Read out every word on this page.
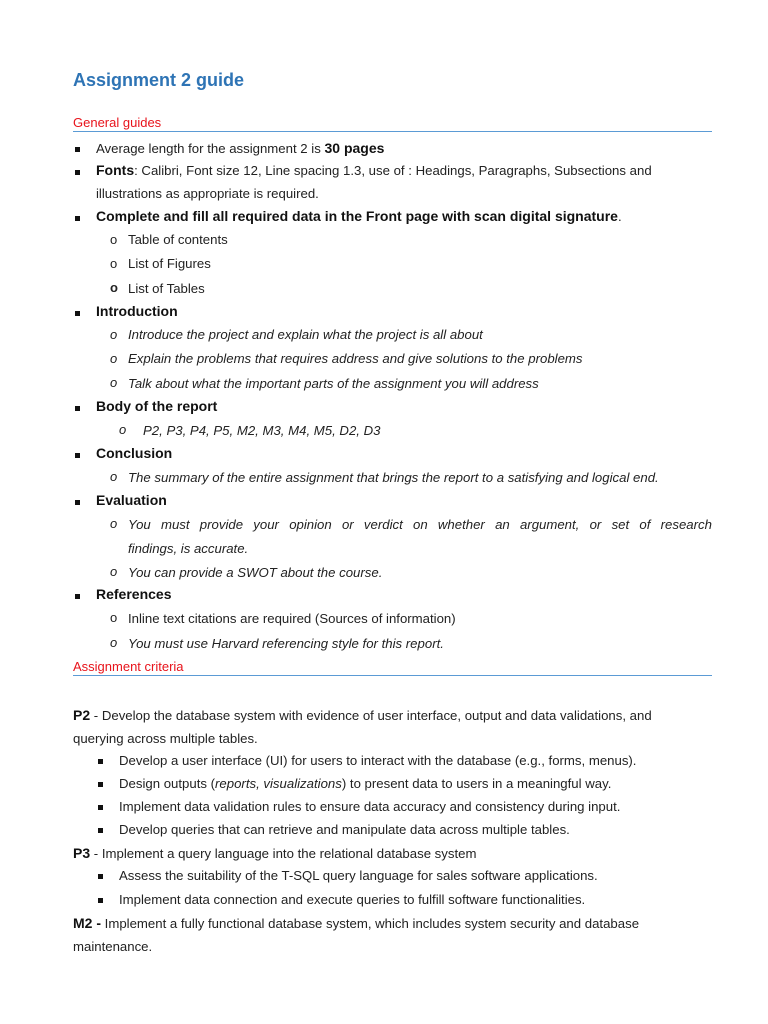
Assignment 2 guide
General guides
Average length for the assignment 2 is 30 pages
Fonts: Calibri, Font size 12, Line spacing 1.3, use of : Headings, Paragraphs, Subsections and
illustrations as appropriate is required.
Complete and fill all required data in the Front page with scan digital signature.
o Table of contents
o List of Figures
o List of Tables
Introduction
o Introduce the project and explain what the project is all about
o Explain the problems that requires address and give solutions to the problems
o Talk about what the important parts of the assignment you will address
Body of the report
o P2, P3, P4, P5, M2, M3, M4, M5, D2, D3
Conclusion
o The summary of the entire assignment that brings the report to a satisfying and logical end.
Evaluation
o You must provide your opinion or verdict on whether an argument, or set of research
findings, is accurate.
o You can provide a SWOT about the course.
References
o Inline text citations are required (Sources of information)
o You must use Harvard referencing style for this report.
Assignment criteria
P2 - Develop the database system with evidence of user interface, output and data validations, and
querying across multiple tables.
Develop a user interface (UI) for users to interact with the database (e.g., forms, menus).
Design outputs (reports, visualizations) to present data to users in a meaningful way.
Implement data validation rules to ensure data accuracy and consistency during input.
Develop queries that can retrieve and manipulate data across multiple tables.
P3 - Implement a query language into the relational database system
Assess the suitability of the T-SQL query language for sales software applications.
Implement data connection and execute queries to fulfill software functionalities.
M2 - Implement a fully functional database system, which includes system security and database
maintenance.
